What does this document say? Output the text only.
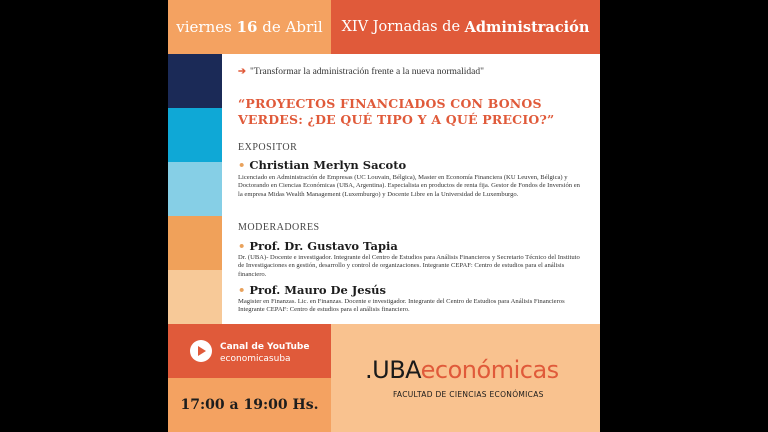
viernes
16
de
Abril XIV Jornadas de
Administración
➔ "Transformar la administración frente a la nueva normalidad"
“PROYECTOS FINANCIADOS CON BONOS VERDES: ¿DE QUÉ TIPO Y A QUÉ PRECIO?”
EXPOSITOR
• Christian Merlyn Sacoto
Licenciado en Administración de Empresas (UC Louvain, Bélgica), Master en Economía Financiera (KU Leuven, Bélgica) y Doctorando en Ciencias Económicas (UBA, Argentina). Especialista en productos de renta fija. Gestor de Fondos de Inversión en la empresa Midas Wealth Management (Luxemburgo) y Docente Libre en la Universidad de Luxemburgo.
MODERADORES
• Prof. Dr. Gustavo Tapia
Dr. (UBA)- Docente e investigador. Integrante del Centro de Estudios para Análisis Financieros y Secretario Técnico del Instituto de Investigaciones en gestión, desarrollo y control de organizaciones. Integrante CEPAF: Centro de estudios para el análisis financiero.
• Prof. Mauro De Jesús
Magister en Finanzas. Lic. en Finanzas. Docente e investigador. Integrante del Centro de Estudios para Análisis Financieros Integrante CEPAF: Centro de estudios para el análisis financiero.
Canal de YouTube
economicasuba
17:00 a 19:00 Hs.
.UBAeconómicas
FACULTAD DE CIENCIAS ECONÓMICAS
